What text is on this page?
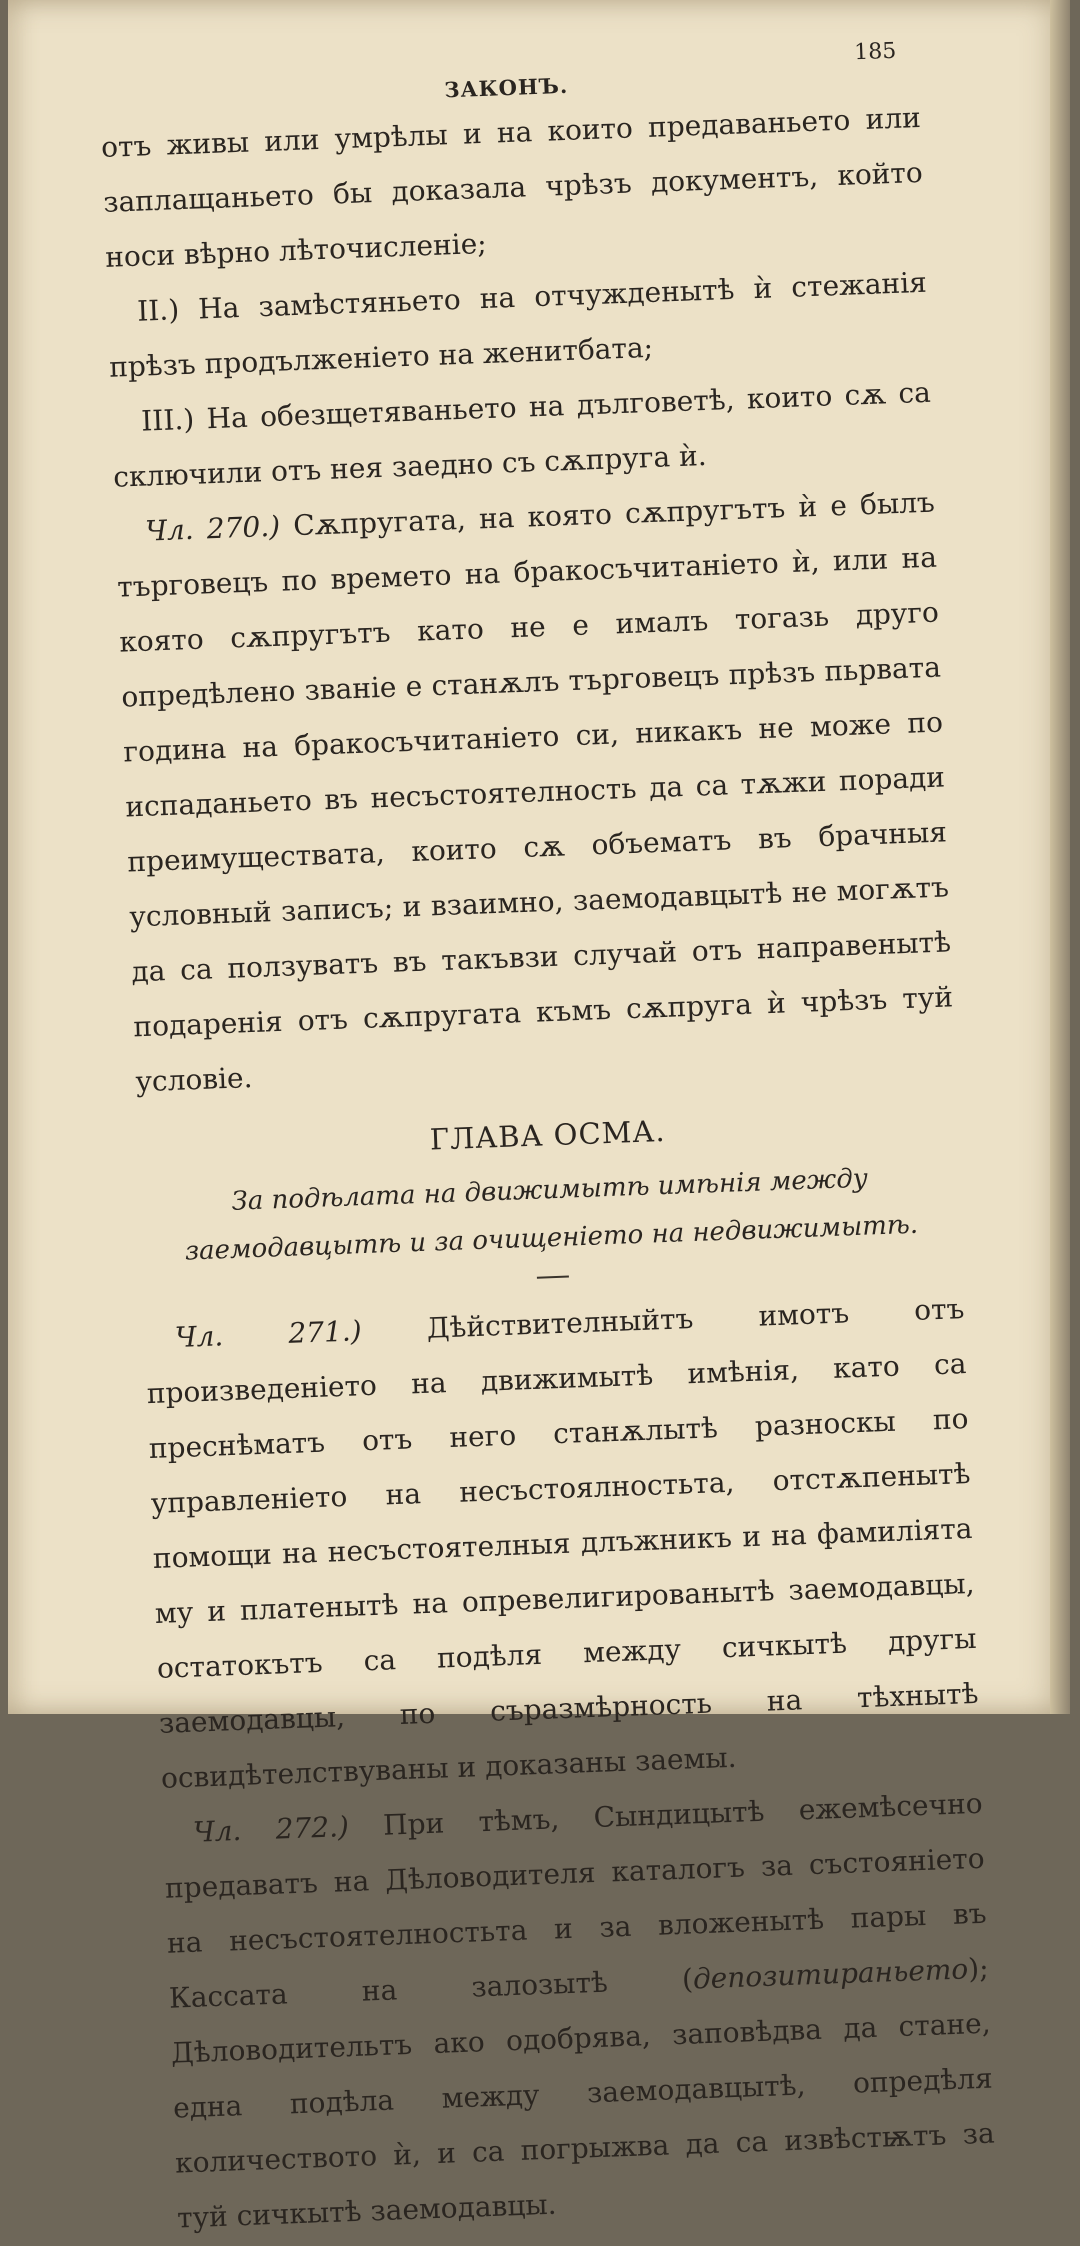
ЗАКОНЪ.
185

отъ живы или умрѣлы и на които предаваньето или заплащаньето бы доказала чрѣзъ документъ, който носи вѣрно лѣточисленіе;

II.) На замѣстяньето на отчужденытѣ ѝ стежанія прѣзъ продълженіето на женитбата;

III.) На обезщетяваньето на дълговетѣ, които сѫ са сключили отъ нея заедно съ сѫпруга ѝ.

Чл. 270.) Сѫпругата, на която сѫпругътъ ѝ е былъ търговецъ по времето на бракосъчитаніето ѝ, или на която сѫпругътъ като не е ималъ тогазь друго опредѣлено званіе е станѫлъ търговецъ прѣзъ пьрвата година на бракосъчитаніето си, никакъ не може по испаданьето въ несъстоятелность да са тѫжи поради преимуществата, които сѫ объематъ въ брачныя условный записъ; и взаимно, заемодавцытѣ не могѫтъ да са ползуватъ въ такъвзи случай отъ направенытѣ подаренія отъ сѫпругата къмъ сѫпруга ѝ чрѣзъ туй условіе.

ГЛАВА ОСМА.
За подѣлата на движимытѣ имѣнія между заемодавцытѣ и за очищеніето на недвижимытѣ.

Чл. 271.) Дѣйствителныйтъ имотъ отъ произведеніето на движимытѣ имѣнія, като са преснѣматъ отъ него станѫлытѣ разноскы по управленіето на несъстоялностьта, отстѫпенытѣ помощи на несъстоятелныя длъжникъ и на фамиліята му и платенытѣ на опревелигированытѣ заемодавцы, остатокътъ са подѣля между сичкытѣ другы заемодавцы, по съразмѣрность на тѣхнытѣ освидѣтелствуваны и доказаны заемы.

Чл. 272.) При тѣмъ, Сындицытѣ ежемѣсечно предаватъ на Дѣловодителя каталогъ за състояніето на несъстоятелностьта и за вложенытѣ пары въ Кассата на залозытѣ (депозитираньето); Дѣловодительтъ ако одобрява, заповѣдва да стане, една подѣла между заемодавцытѣ, опредѣля количеството ѝ, и са погрыжва да са извѣстѭтъ за туй сичкытѣ заемодавцы.
